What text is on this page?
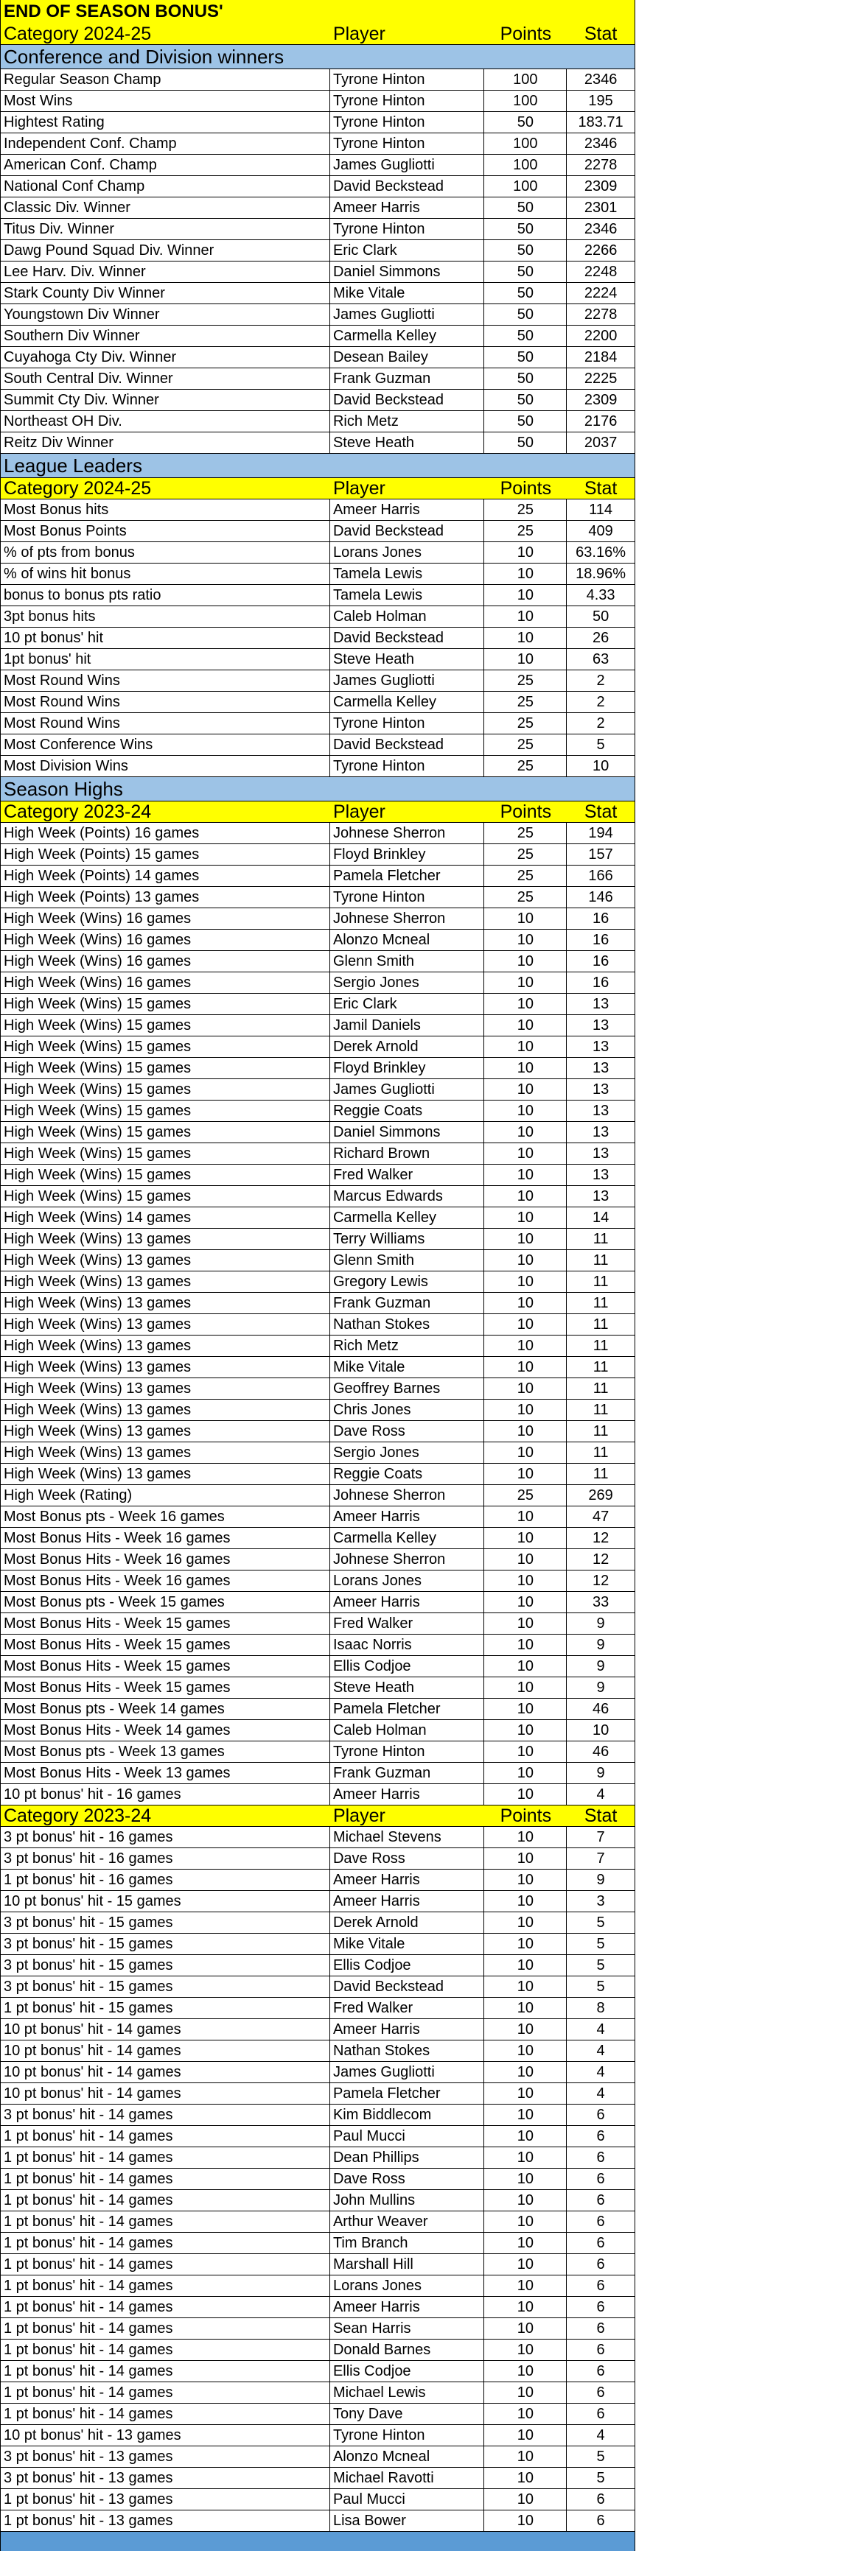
END OF SEASON BONUS'
Category 2024-25	Player	Points	Stat
Conference and Division winners
Regular Season Champ	Tyrone Hinton	100	2346
Most Wins	Tyrone Hinton	100	195
Hightest Rating	Tyrone Hinton	50	183.71
Independent Conf. Champ	Tyrone Hinton	100	2346
American Conf. Champ	James Gugliotti	100	2278
National Conf Champ	David Beckstead	100	2309
Classic Div. Winner	Ameer Harris	50	2301
Titus Div. Winner	Tyrone Hinton	50	2346
Dawg Pound Squad Div. Winner	Eric Clark	50	2266
Lee Harv. Div. Winner	Daniel Simmons	50	2248
Stark County Div Winner	Mike Vitale	50	2224
Youngstown Div Winner	James Gugliotti	50	2278
Southern Div Winner	Carmella Kelley	50	2200
Cuyahoga Cty Div. Winner	Desean Bailey	50	2184
South Central Div. Winner	Frank Guzman	50	2225
Summit Cty Div. Winner	David Beckstead	50	2309
Northeast OH Div.	Rich Metz	50	2176
Reitz Div Winner	Steve Heath	50	2037
League Leaders
Category 2024-25	Player	Points	Stat
Most Bonus hits	Ameer Harris	25	114
Most Bonus Points	David Beckstead	25	409
% of pts from bonus	Lorans Jones	10	63.16%
% of wins hit bonus	Tamela Lewis	10	18.96%
bonus to bonus pts ratio	Tamela Lewis	10	4.33
3pt bonus hits	Caleb Holman	10	50
10 pt bonus' hit	David Beckstead	10	26
1pt bonus' hit	Steve Heath	10	63
Most Round Wins	James Gugliotti	25	2
Most Round Wins	Carmella Kelley	25	2
Most Round Wins	Tyrone Hinton	25	2
Most Conference Wins	David Beckstead	25	5
Most Division Wins	Tyrone Hinton	25	10
Season Highs
Category 2023-24	Player	Points	Stat
High Week (Points) 16 games	Johnese Sherron	25	194
High Week (Points) 15 games	Floyd Brinkley	25	157
High Week (Points) 14 games	Pamela Fletcher	25	166
High Week (Points) 13 games	Tyrone Hinton	25	146
High Week (Wins) 16 games	Johnese Sherron	10	16
High Week (Wins) 16 games	Alonzo Mcneal	10	16
High Week (Wins) 16 games	Glenn Smith	10	16
High Week (Wins) 16 games	Sergio Jones	10	16
High Week (Wins) 15 games	Eric Clark	10	13
High Week (Wins) 15 games	Jamil Daniels	10	13
High Week (Wins) 15 games	Derek Arnold	10	13
High Week (Wins) 15 games	Floyd Brinkley	10	13
High Week (Wins) 15 games	James Gugliotti	10	13
High Week (Wins) 15 games	Reggie Coats	10	13
High Week (Wins) 15 games	Daniel Simmons	10	13
High Week (Wins) 15 games	Richard Brown	10	13
High Week (Wins) 15 games	Fred Walker	10	13
High Week (Wins) 15 games	Marcus Edwards	10	13
High Week (Wins) 14 games	Carmella Kelley	10	14
High Week (Wins) 13 games	Terry Williams	10	11
High Week (Wins) 13 games	Glenn Smith	10	11
High Week (Wins) 13 games	Gregory Lewis	10	11
High Week (Wins) 13 games	Frank Guzman	10	11
High Week (Wins) 13 games	Nathan Stokes	10	11
High Week (Wins) 13 games	Rich Metz	10	11
High Week (Wins) 13 games	Mike Vitale	10	11
High Week (Wins) 13 games	Geoffrey Barnes	10	11
High Week (Wins) 13 games	Chris Jones	10	11
High Week (Wins) 13 games	Dave Ross	10	11
High Week (Wins) 13 games	Sergio Jones	10	11
High Week (Wins) 13 games	Reggie Coats	10	11
High Week (Rating)	Johnese Sherron	25	269
Most Bonus pts - Week 16 games	Ameer Harris	10	47
Most Bonus Hits - Week 16 games	Carmella Kelley	10	12
Most Bonus Hits - Week 16 games	Johnese Sherron	10	12
Most Bonus Hits - Week 16 games	Lorans Jones	10	12
Most Bonus pts - Week 15 games	Ameer Harris	10	33
Most Bonus Hits - Week 15 games	Fred Walker	10	9
Most Bonus Hits - Week 15 games	Isaac Norris	10	9
Most Bonus Hits - Week 15 games	Ellis Codjoe	10	9
Most Bonus Hits - Week 15 games	Steve Heath	10	9
Most Bonus pts - Week 14 games	Pamela Fletcher	10	46
Most Bonus Hits - Week 14 games	Caleb Holman	10	10
Most Bonus pts - Week 13 games	Tyrone Hinton	10	46
Most Bonus Hits - Week 13 games	Frank Guzman	10	9
10 pt bonus' hit - 16 games	Ameer Harris	10	4
Category 2023-24	Player	Points	Stat
3 pt bonus' hit - 16 games	Michael Stevens	10	7
3 pt bonus' hit - 16 games	Dave Ross	10	7
1 pt bonus' hit - 16 games	Ameer Harris	10	9
10 pt bonus' hit - 15 games	Ameer Harris	10	3
3 pt bonus' hit - 15 games	Derek Arnold	10	5
3 pt bonus' hit - 15 games	Mike Vitale	10	5
3 pt bonus' hit - 15 games	Ellis Codjoe	10	5
3 pt bonus' hit - 15 games	David Beckstead	10	5
1 pt bonus' hit - 15 games	Fred Walker	10	8
10 pt bonus' hit - 14 games	Ameer Harris	10	4
10 pt bonus' hit - 14 games	Nathan Stokes	10	4
10 pt bonus' hit - 14 games	James Gugliotti	10	4
10 pt bonus' hit - 14 games	Pamela Fletcher	10	4
3 pt bonus' hit - 14 games	Kim Biddlecom	10	6
1 pt bonus' hit - 14 games	Paul Mucci	10	6
1 pt bonus' hit - 14 games	Dean Phillips	10	6
1 pt bonus' hit - 14 games	Dave Ross	10	6
1 pt bonus' hit - 14 games	John Mullins	10	6
1 pt bonus' hit - 14 games	Arthur Weaver	10	6
1 pt bonus' hit - 14 games	Tim Branch	10	6
1 pt bonus' hit - 14 games	Marshall Hill	10	6
1 pt bonus' hit - 14 games	Lorans Jones	10	6
1 pt bonus' hit - 14 games	Ameer Harris	10	6
1 pt bonus' hit - 14 games	Sean Harris	10	6
1 pt bonus' hit - 14 games	Donald Barnes	10	6
1 pt bonus' hit - 14 games	Ellis Codjoe	10	6
1 pt bonus' hit - 14 games	Michael Lewis	10	6
1 pt bonus' hit - 14 games	Tony Dave	10	6
10 pt bonus' hit - 13 games	Tyrone Hinton	10	4
3 pt bonus' hit - 13 games	Alonzo Mcneal	10	5
3 pt bonus' hit - 13 games	Michael Ravotti	10	5
1 pt bonus' hit - 13 games	Paul Mucci	10	6
1 pt bonus' hit - 13 games	Lisa Bower	10	6
